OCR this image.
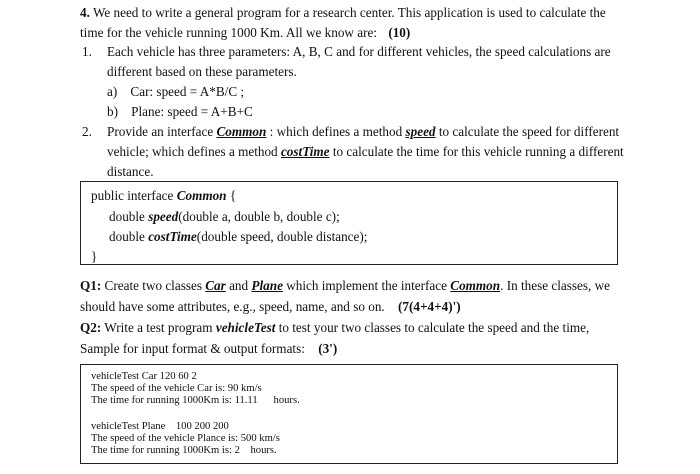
4. We need to write a general program for a research center. This application is used to calculate the
time for the vehicle running 1000 Km. All we know are: (10)
1. Each vehicle has three parameters: A, B, C and for different vehicles, the speed calculations are
different based on these parameters.
a) Car: speed = A*B/C ;
b) Plane: speed = A+B+C
2. Provide an interface Common : which defines a method speed to calculate the speed for different
vehicle; which defines a method costTime to calculate the time for this vehicle running a different
distance.
public interface Common {
double speed(double a, double b, double c);
double costTime(double speed, double distance);
}
Q1: Create two classes Car and Plane which implement the interface Common. In these classes, we
should have some attributes, e.g., speed, name, and so on. (7(4+4+4)')
Q2: Write a test program vehicleTest to test your two classes to calculate the speed and the time,
Sample for input format & output formats: (3')
vehicleTest Car 120 60 2
The speed of the vehicle Car is: 90 km/s
The time for running 1000Km is: 11.11  hours.
vehicleTest Plane 100 200 200
The speed of the vehicle Plance is: 500 km/s
The time for running 1000Km is: 2 hours.
